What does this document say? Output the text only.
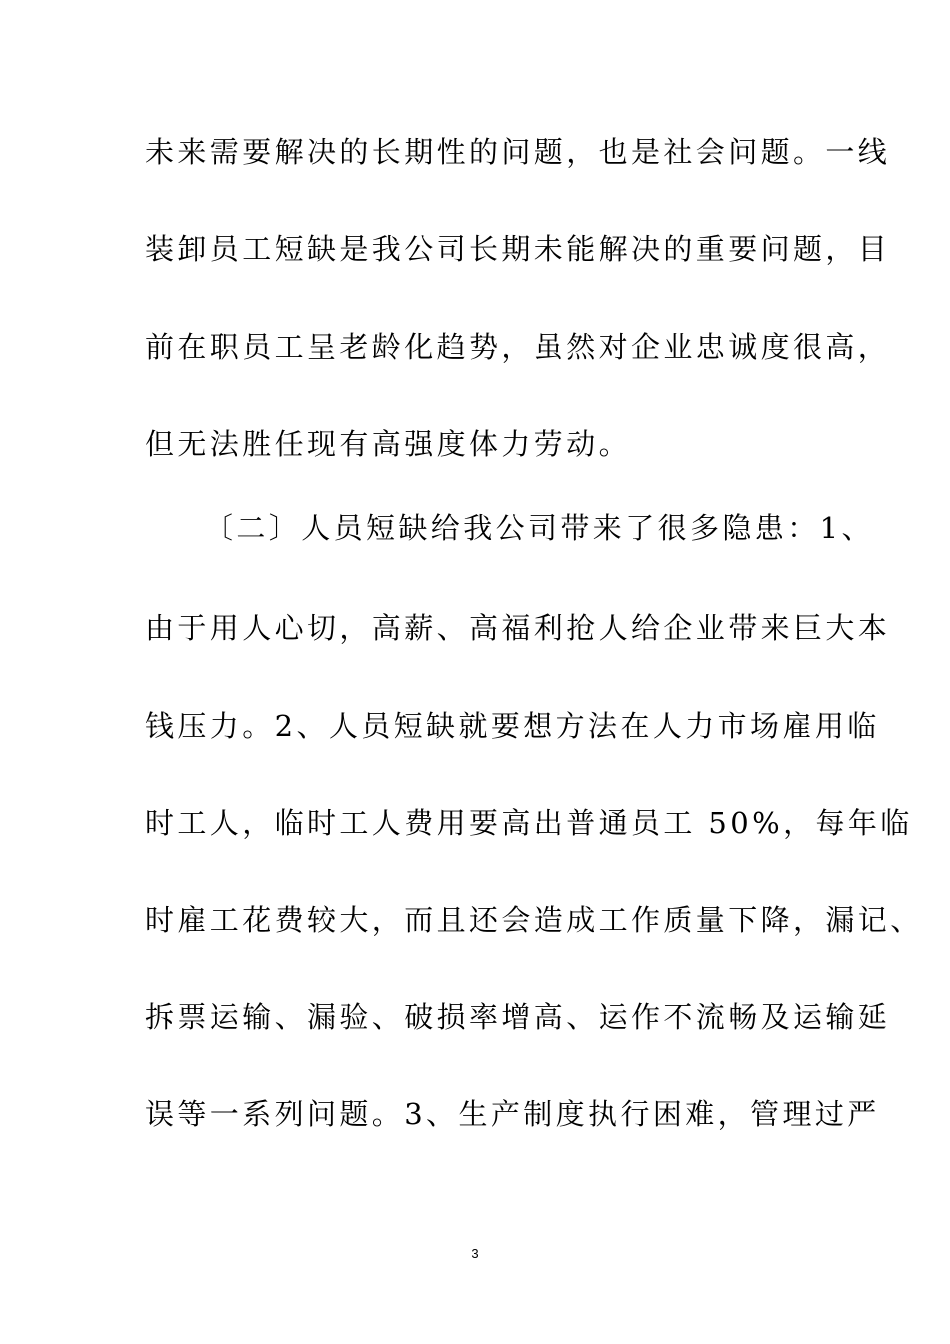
未来需要解决的长期性的问题，也是社会问题。一线
装卸员工短缺是我公司长期未能解决的重要问题，目
前在职员工呈老龄化趋势，虽然对企业忠诚度很高，
但无法胜任现有高强度体力劳动。
〔二〕人员短缺给我公司带来了很多隐患：1、
由于用人心切，高薪、高福利抢人给企业带来巨大本
钱压力。2、人员短缺就要想方法在人力市场雇用临
时工人，临时工人费用要高出普通员工 50%，每年临
时雇工花费较大，而且还会造成工作质量下降，漏记、
拆票运输、漏验、破损率增高、运作不流畅及运输延
误等一系列问题。3、生产制度执行困难，管理过严
3
